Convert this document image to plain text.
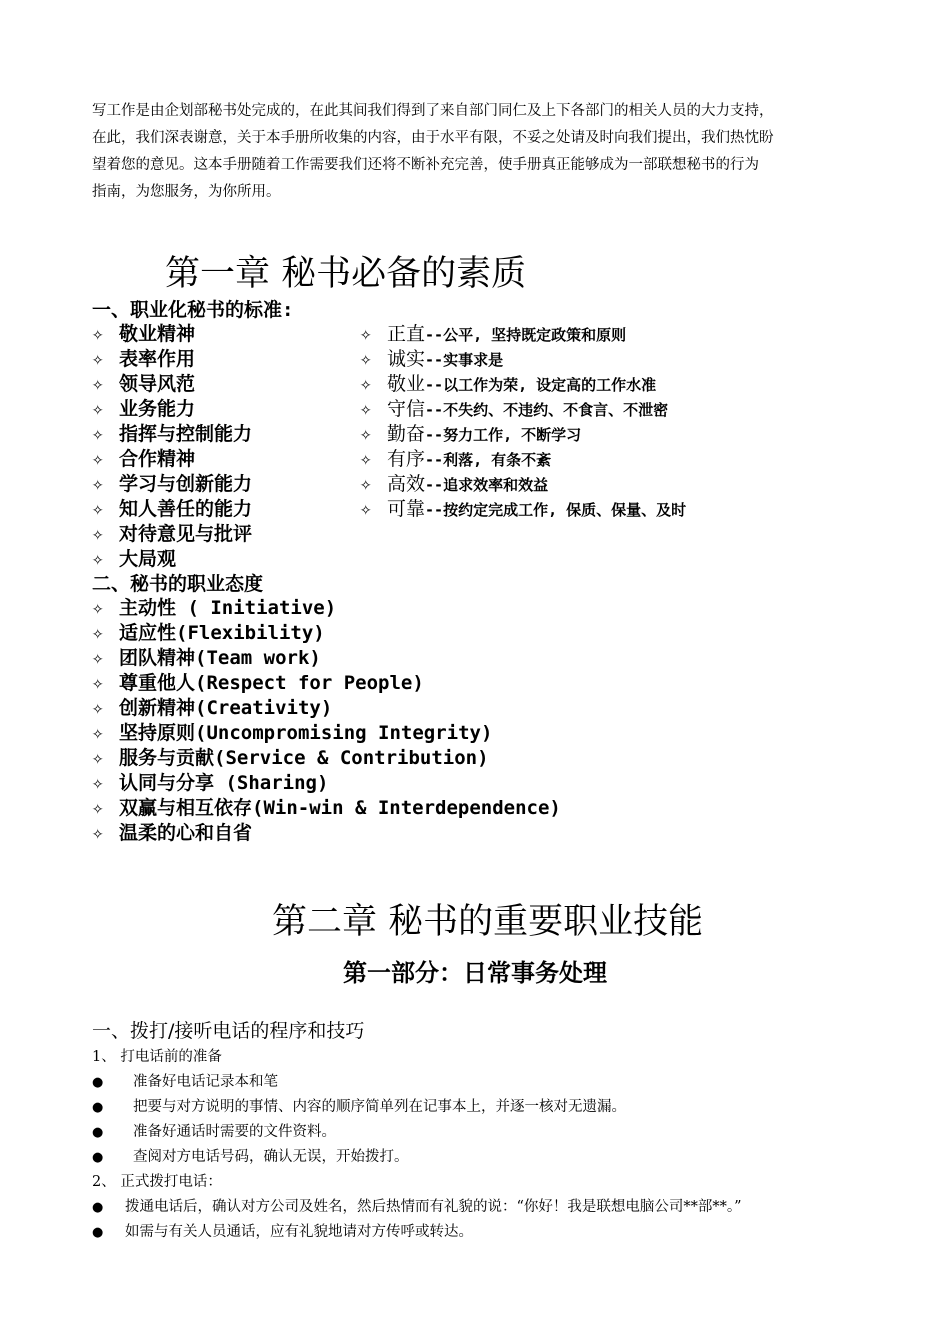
写工作是由企划部秘书处完成的，在此其间我们得到了来自部门同仁及上下各部门的相关人员的大力支持，

在此，我们深表谢意，关于本手册所收集的内容，由于水平有限，不妥之处请及时向我们提出，我们热忱盼

望着您的意见。这本手册随着工作需要我们还将不断补充完善，使手册真正能够成为一部联想秘书的行为

指南，为您服务，为你所用。

第一章 秘书必备的素质
一、职业化秘书的标准:
✧ 敬业精神
✧ 表率作用
✧ 领导风范
✧ 业务能力
✧ 指挥与控制能力
✧ 合作精神
✧ 学习与创新能力
✧ 知人善任的能力
✧ 对待意见与批评
✧ 大局观
✧ 正直--公平, 坚持既定政策和原则
✧ 诚实--实事求是
✧ 敬业--以工作为荣, 设定高的工作水准
✧ 守信--不失约、不违约、不食言、不泄密
✧ 勤奋--努力工作, 不断学习
✧ 有序--利落, 有条不紊
✧ 高效--追求效率和效益
✧ 可靠--按约定完成工作, 保质、保量、及时
二、秘书的职业态度
✧ 主动性 ( Initiative)
✧ 适应性(Flexibility)
✧ 团队精神(Team work)
✧ 尊重他人(Respect for People)
✧ 创新精神(Creativity)
✧ 坚持原则(Uncompromising Integrity)
✧ 服务与贡献(Service & Contribution)
✧ 认同与分享 (Sharing)
✧ 双赢与相互依存(Win-win & Interdependence)
✧ 温柔的心和自省
第二章 秘书的重要职业技能
第一部分：日常事务处理
一、拨打/接听电话的程序和技巧
1、 打电话前的准备
● 准备好电话记录本和笔
● 把要与对方说明的事情、内容的顺序简单列在记事本上，并逐一核对无遗漏。
● 准备好通话时需要的文件资料。
● 查阅对方电话号码，确认无误，开始拨打。
2、 正式拨打电话：
● 拨通电话后，确认对方公司及姓名，然后热情而有礼貌的说：“你好！我是联想电脑公司**部**。”
● 如需与有关人员通话，应有礼貌地请对方传呼或转达。
